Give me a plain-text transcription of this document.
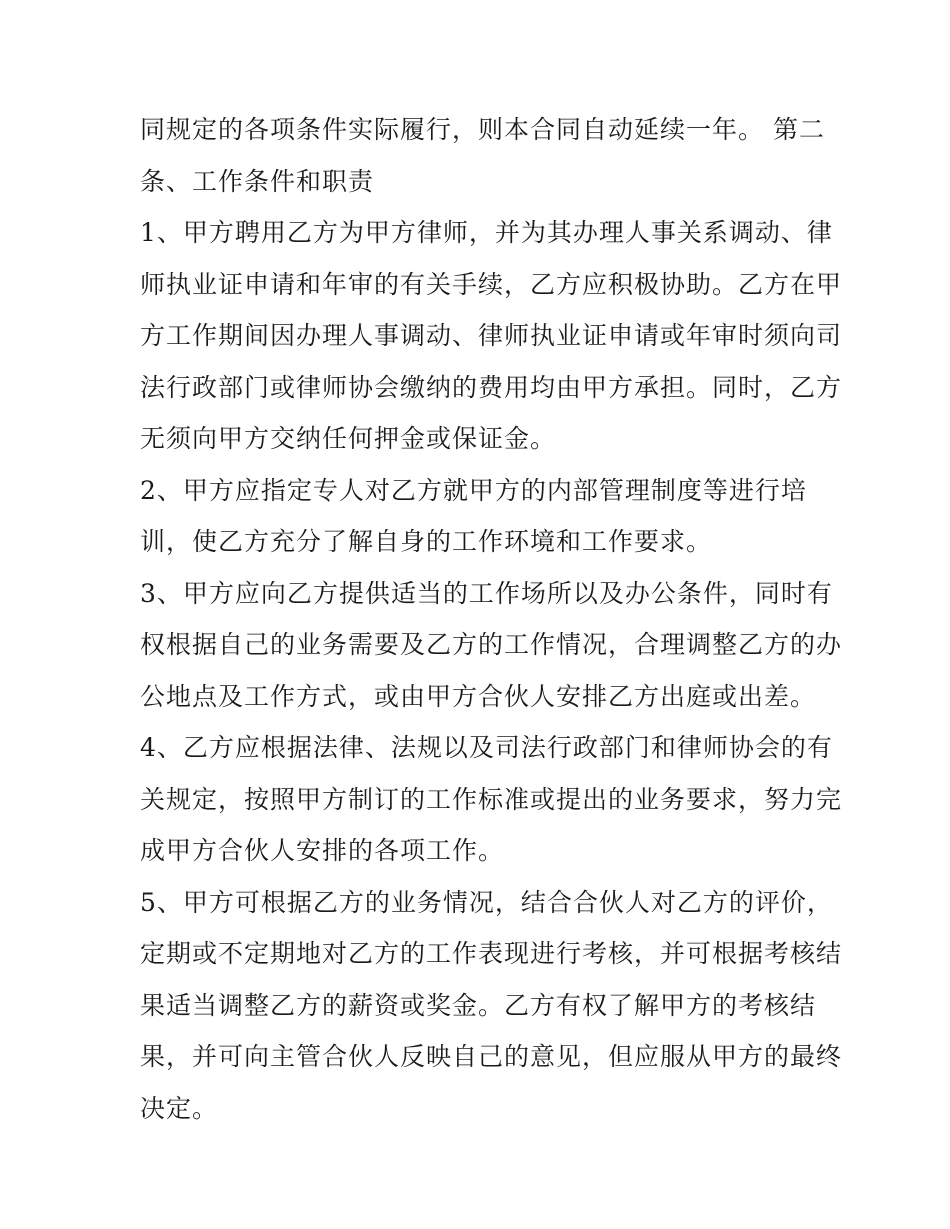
同规定的各项条件实际履行，则本合同自动延续一年。 第二
条、工作条件和职责
1、甲方聘用乙方为甲方律师，并为其办理人事关系调动、律
师执业证申请和年审的有关手续，乙方应积极协助。乙方在甲
方工作期间因办理人事调动、律师执业证申请或年审时须向司
法行政部门或律师协会缴纳的费用均由甲方承担。同时，乙方
无须向甲方交纳任何押金或保证金。
2、甲方应指定专人对乙方就甲方的内部管理制度等进行培
训，使乙方充分了解自身的工作环境和工作要求。
3、甲方应向乙方提供适当的工作场所以及办公条件，同时有
权根据自己的业务需要及乙方的工作情况，合理调整乙方的办
公地点及工作方式，或由甲方合伙人安排乙方出庭或出差。
4、乙方应根据法律、法规以及司法行政部门和律师协会的有
关规定，按照甲方制订的工作标准或提出的业务要求，努力完
成甲方合伙人安排的各项工作。
5、甲方可根据乙方的业务情况，结合合伙人对乙方的评价，
定期或不定期地对乙方的工作表现进行考核，并可根据考核结
果适当调整乙方的薪资或奖金。乙方有权了解甲方的考核结
果，并可向主管合伙人反映自己的意见，但应服从甲方的最终
决定。
